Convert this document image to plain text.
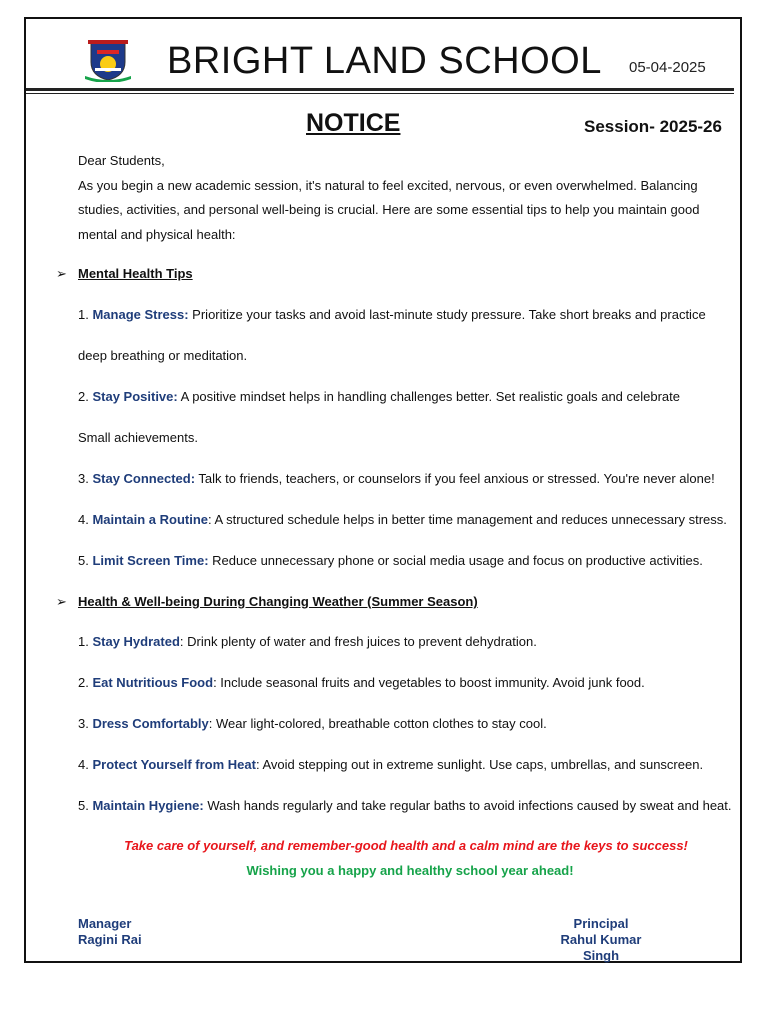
BRIGHT LAND SCHOOL 05-04-2025
NOTICE	Session- 2025-26
Dear Students,
As you begin a new academic session, it's natural to feel excited, nervous, or even overwhelmed. Balancing
studies, activities, and personal well-being is crucial. Here are some essential tips to help you maintain good
mental and physical health:
➢ Mental Health Tips
1. Manage Stress: Prioritize your tasks and avoid last-minute study pressure. Take short breaks and practice
deep breathing or meditation.
2. Stay Positive: A positive mindset helps in handling challenges better. Set realistic goals and celebrate
Small achievements.
3. Stay Connected: Talk to friends, teachers, or counselors if you feel anxious or stressed. You're never alone!
4. Maintain a Routine: A structured schedule helps in better time management and reduces unnecessary stress.
5. Limit Screen Time: Reduce unnecessary phone or social media usage and focus on productive activities.
➢ Health & Well-being During Changing Weather (Summer Season)
1. Stay Hydrated: Drink plenty of water and fresh juices to prevent dehydration.
2. Eat Nutritious Food: Include seasonal fruits and vegetables to boost immunity. Avoid junk food.
3. Dress Comfortably: Wear light-colored, breathable cotton clothes to stay cool.
4. Protect Yourself from Heat: Avoid stepping out in extreme sunlight. Use caps, umbrellas, and sunscreen.
5. Maintain Hygiene: Wash hands regularly and take regular baths to avoid infections caused by sweat and heat.
Take care of yourself, and remember-good health and a calm mind are the keys to success!
Wishing you a happy and healthy school year ahead!
Manager
Ragini Rai
Principal
Rahul Kumar Singh
